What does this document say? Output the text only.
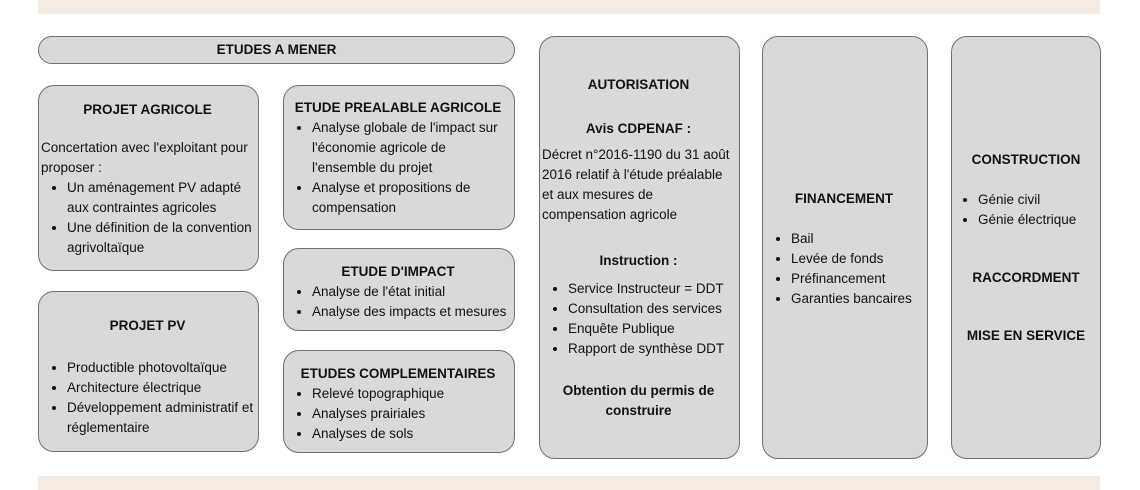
ETUDES A MENER
PROJET AGRICOLE

Concertation avec l'exploitant pour proposer :

• Un aménagement PV adapté aux contraintes agricoles
• Une définition de la convention agrivoltaïque
PROJET PV
• Productible photovoltaïque
• Architecture électrique
• Développement administratif et réglementaire
ETUDE PREALABLE AGRICOLE
• Analyse globale de l'impact sur l'économie agricole de l'ensemble du projet
• Analyse et propositions de compensation
ETUDE D'IMPACT
• Analyse de l'état initial
• Analyse des impacts et mesures
ETUDES COMPLEMENTAIRES
• Relevé topographique
• Analyses prairiales
• Analyses de sols
AUTORISATION
Avis CDPENAF :

Décret n°2016-1190 du 31 août 2016 relatif à l'étude préalable et aux mesures de compensation agricole

Instruction :
• Service Instructeur = DDT
• Consultation des services
• Enquête Publique
• Rapport de synthèse DDT
Obtention du permis de construire
FINANCEMENT
• Bail
• Levée de fonds
• Préfinancement
• Garanties bancaires
CONSTRUCTION
• Génie civil
• Génie électrique
RACCORDMENT
MISE EN SERVICE
